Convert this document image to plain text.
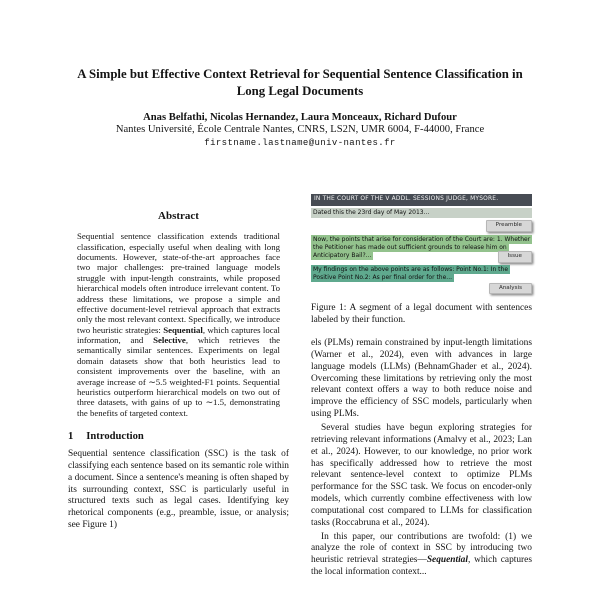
A Simple but Effective Context Retrieval for Sequential Sentence Classification in Long Legal Documents
Anas Belfathi, Nicolas Hernandez, Laura Monceaux, Richard Dufour
Nantes Université, École Centrale Nantes, CNRS, LS2N, UMR 6004, F-44000, France
firstname.lastname@univ-nantes.fr
Abstract

Sequential sentence classification extends traditional classification, especially useful when dealing with long documents. However, state-of-the-art approaches face two major challenges: pre-trained language models struggle with input-length constraints, while proposed hierarchical models often introduce irrelevant content. To address these limitations, we propose a simple and effective document-level retrieval approach that extracts only the most relevant context. Specifically, we introduce two heuristic strategies: Sequential, which captures local information, and Selective, which retrieves the semantically similar sentences. Experiments on legal domain datasets show that both heuristics lead to consistent improvements over the baseline, with an average increase of ∼5.5 weighted-F1 points. Sequential heuristics outperform hierarchical models on two out of three datasets, with gains of up to ∼1.5, demonstrating the benefits of targeted context.

1 Introduction

Sequential sentence classification (SSC) is the task of classifying each sentence based on its semantic role within a document. Since a sentence's meaning is often shaped by its surrounding context, SSC is particularly useful in structured texts such as legal cases. Identifying key rhetorical components (e.g., preamble, issue, or analysis; see Figure 1)

IN THE COURT OF THE V ADDL. SESSIONS JUDGE, MYSORE.
Dated this the 23rd day of May 2013...
Preamble
Now, the points that arise for consideration of the Court are: 1. Whether the Petitioner has made out sufficient grounds to release him on Anticipatory Bail?...	Issue
My findings on the above points are as follows: Point No.1: In the Positive Point No.2: As per final order for the...
Analysis
Figure 1: A segment of a legal document with sentences labeled by their function.

els (PLMs) remain constrained by input-length limitations (Warner et al., 2024), even with advances in large language models (LLMs) (BehnamGhader et al., 2024). Overcoming these limitations by retrieving only the most relevant context offers a way to both reduce noise and improve the efficiency of SSC models, particularly when using PLMs.

Several studies have begun exploring strategies for retrieving relevant informations (Amalvy et al., 2023; Lan et al., 2024). However, to our knowledge, no prior work has specifically addressed how to retrieve the most relevant sentence-level context to optimize PLMs performance for the SSC task. We focus on encoder-only models, which currently combine effectiveness with low computational cost compared to LLMs for classification tasks (Roccabruna et al., 2024).

In this paper, our contributions are twofold: (1) we analyze the role of context in SSC by introducing two heuristic retrieval strategies—Sequential, which captures the local information context...
